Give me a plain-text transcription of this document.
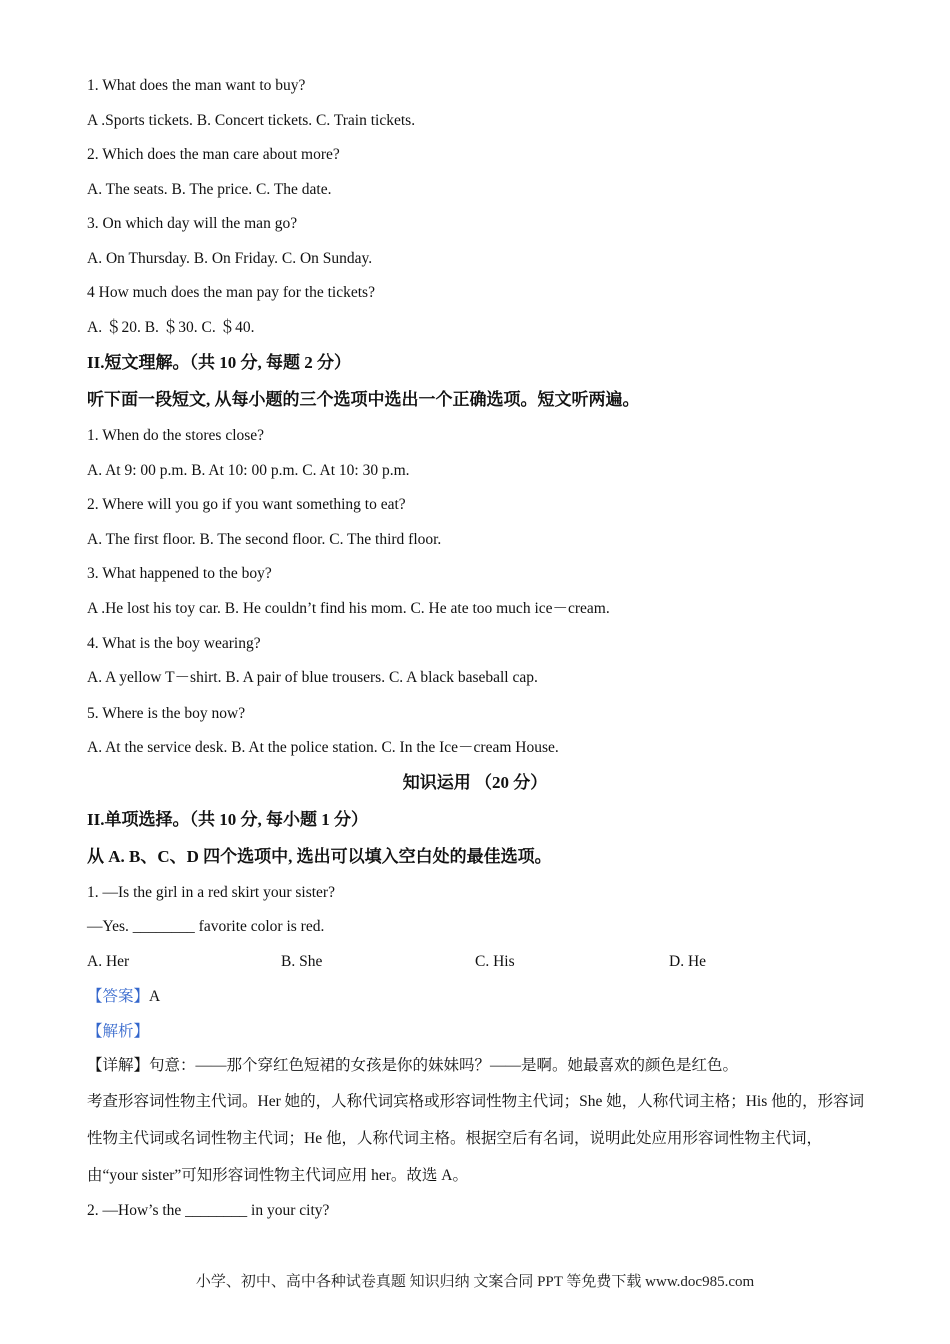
1. What does the man want to buy?
A .Sports tickets. B. Concert tickets. C. Train tickets.
2. Which does the man care about more?
A. The seats. B. The price. C. The date.
3. On which day will the man go?
A. On Thursday. B. On Friday. C. On Sunday.
4 How much does the man pay for the tickets?
A. ＄20. B. ＄30. C. ＄40.
II.短文理解。（共 10 分, 每题 2 分）
听下面一段短文, 从每小题的三个选项中选出一个正确选项。短文听两遍。
1. When do the stores close?
A. At 9: 00 p.m. B. At 10: 00 p.m. C. At 10: 30 p.m.
2. Where will you go if you want something to eat?
A. The first floor. B. The second floor. C. The third floor.
3. What happened to the boy?
A .He lost his toy car. B. He couldn’t find his mom. C. He ate too much ice－cream.
4. What is the boy wearing?
A. A yellow T－shirt. B. A pair of blue trousers. C. A black baseball cap.
5. Where is the boy now?
A. At the service desk. B. At the police station. C. In the Ice－cream House.
知识运用 （20 分）
II.单项选择。（共 10 分, 每小题 1 分）
从 A. B、C、D 四个选项中, 选出可以填入空白处的最佳选项。
1. —Is the girl in a red skirt your sister?
—Yes. ________ favorite color is red.
A. Her	B. She	C. His	D. He
【答案】A
【解析】
【详解】句意：——那个穿红色短裙的女孩是你的妹妹吗？——是啊。她最喜欢的颜色是红色。
考查形容词性物主代词。Her 她的，人称代词宾格或形容词性物主代词；She 她，人称代词主格；His 他的，形容词性物主代词或名词性物主代词；He 他，人称代词主格。根据空后有名词，说明此处应用形容词性物主代词，由“your sister”可知形容词性物主代词应用 her。故选 A。
2. —How’s the ________ in your city?
小学、初中、高中各种试卷真题 知识归纳 文案合同 PPT 等免费下载 www.doc985.com
